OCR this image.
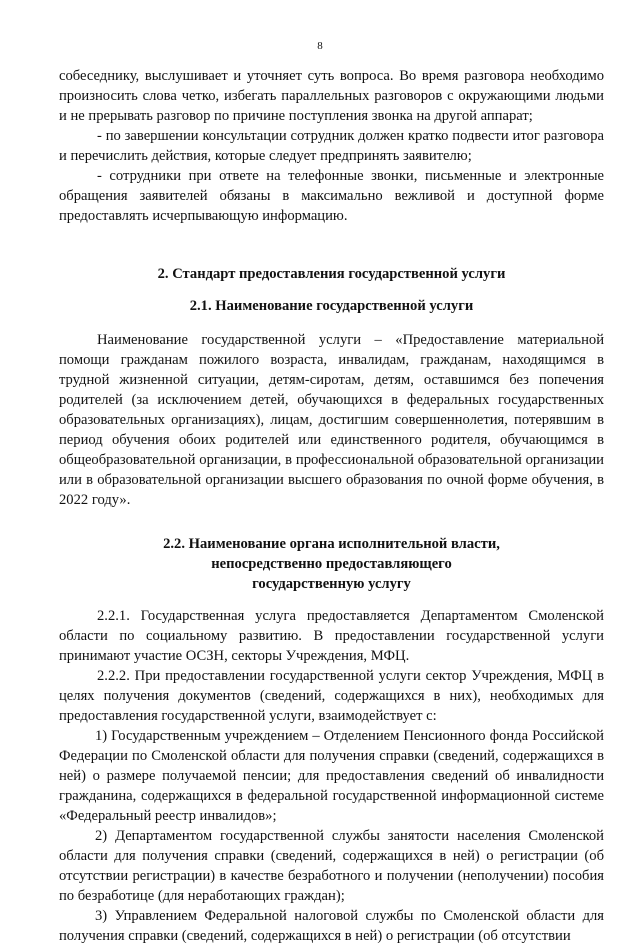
8

собеседнику, выслушивает и уточняет суть вопроса. Во время разговора необходимо произносить слова четко, избегать параллельных разговоров с окружающими людьми и не прерывать разговор по причине поступления звонка на другой аппарат;

- по завершении консультации сотрудник должен кратко подвести итог разговора и перечислить действия, которые следует предпринять заявителю;

- сотрудники при ответе на телефонные звонки, письменные и электронные обращения заявителей обязаны в максимально вежливой и доступной форме предоставлять исчерпывающую информацию.

2. Стандарт предоставления государственной услуги
2.1. Наименование государственной услуги

Наименование государственной услуги – «Предоставление материальной помощи гражданам пожилого возраста, инвалидам, гражданам, находящимся в трудной жизненной ситуации, детям-сиротам, детям, оставшимся без попечения родителей (за исключением детей, обучающихся в федеральных государственных образовательных организациях), лицам, достигшим совершеннолетия, потерявшим в период обучения обоих родителей или единственного родителя, обучающимся в общеобразовательной организации, в профессиональной образовательной организации или в образовательной организации высшего образования по очной форме обучения, в 2022 году».

2.2. Наименование органа исполнительной власти,
непосредственно предоставляющего
государственную услугу

2.2.1. Государственная услуга предоставляется Департаментом Смоленской области по социальному развитию. В предоставлении государственной услуги принимают участие ОСЗН, секторы Учреждения, МФЦ.

2.2.2. При предоставлении государственной услуги сектор Учреждения, МФЦ в целях получения документов (сведений, содержащихся в них), необходимых для предоставления государственной услуги, взаимодействует с:

1) Государственным учреждением – Отделением Пенсионного фонда Российской Федерации по Смоленской области для получения справки (сведений, содержащихся в ней) о размере получаемой пенсии; для предоставления сведений об инвалидности гражданина, содержащихся в федеральной государственной информационной системе «Федеральный реестр инвалидов»;

2) Департаментом государственной службы занятости населения Смоленской области для получения справки (сведений, содержащихся в ней) о регистрации (об отсутствии регистрации) в качестве безработного и получении (неполучении) пособия по безработице (для неработающих граждан);

3) Управлением Федеральной налоговой службы по Смоленской области для получения справки (сведений, содержащихся в ней) о регистрации (об отсутствии
